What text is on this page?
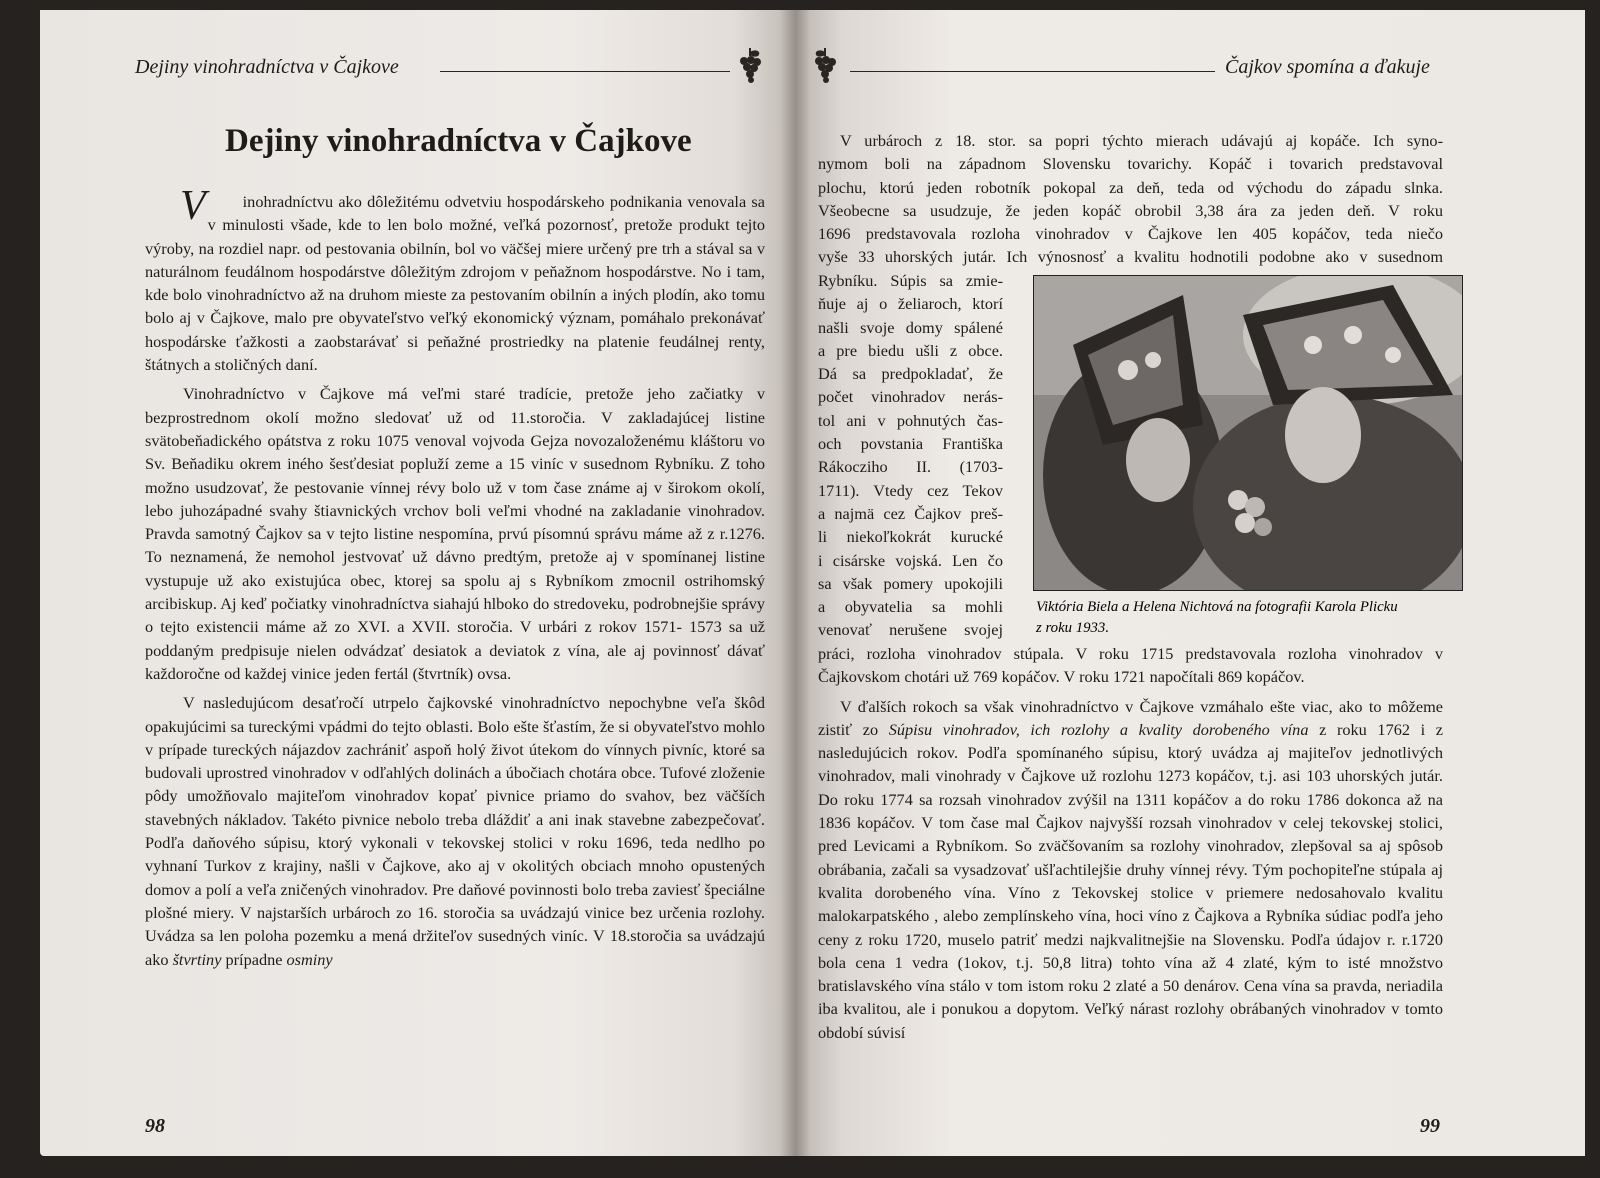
Dejiny vinohradníctva v Čajkove
Dejiny vinohradníctva v Čajkove

V inohradníctvu ako dôležitému odvetviu hospodárskeho podnikania venovala sa v minulosti všade, kde to len bolo možné, veľká pozornosť, pretože produkt tejto výroby, na rozdiel napr. od pestovania obilnín, bol vo väčšej miere určený pre trh a stával sa v naturálnom feudálnom hospodárstve dôležitým zdrojom v peňažnom hospodárstve. No i tam, kde bolo vinohradníctvo až na druhom mieste za pestovaním obilnín a iných plodín, ako tomu bolo aj v Čajkove, malo pre obyvateľstvo veľký ekonomický význam, pomáhalo prekonávať hospodárske ťažkosti a zaobstarávať si peňažné prostriedky na platenie feudálnej renty, štátnych a stoličných daní.

Vinohradníctvo v Čajkove má veľmi staré tradície, pretože jeho začiatky v bezprostrednom okolí možno sledovať už od 11.storočia. V zakladajúcej listine svätobeňadického opátstva z roku 1075 venoval vojvoda Gejza novozaloženému kláštoru vo Sv. Beňadiku okrem iného šesťdesiat popluží zeme a 15 viníc v susednom Rybníku. Z toho možno usudzovať, že pestovanie vínnej révy bolo už v tom čase známe aj v širokom okolí, lebo juhozápadné svahy štiavnických vrchov boli veľmi vhodné na zakladanie vinohradov. Pravda samotný Čajkov sa v tejto listine nespomína, prvú písomnú správu máme až z r.1276. To neznamená, že nemohol jestvovať už dávno predtým, pretože aj v spomínanej listine vystupuje už ako existujúca obec, ktorej sa spolu aj s Rybníkom zmocnil ostrihomský arcibiskup. Aj keď počiatky vinohradníctva siahajú hlboko do stredoveku, podrobnejšie správy o tejto existencii máme až zo XVI. a XVII. storočia. V urbári z rokov 1571- 1573 sa už poddaným predpisuje nielen odvádzať desiatok a deviatok z vína, ale aj povinnosť dávať každoročne od každej vinice jeden fertál (štvrtník) ovsa.

V nasledujúcom desaťročí utrpelo čajkovské vinohradníctvo nepochybne veľa škôd opakujúcimi sa tureckými vpádmi do tejto oblasti. Bolo ešte šťastím, že si obyvateľstvo mohlo v prípade tureckých nájazdov zachrániť aspoň holý život útekom do vínnych pivníc, ktoré sa budovali uprostred vinohradov v odľahlých dolinách a úbočiach chotára obce. Tufové zloženie pôdy umožňovalo majiteľom vinohradov kopať pivnice priamo do svahov, bez väčších stavebných nákladov. Takéto pivnice nebolo treba dláždiť a ani inak stavebne zabezpečovať. Podľa daňového súpisu, ktorý vykonali v tekovskej stolici v roku 1696, teda nedlho po vyhnaní Turkov z krajiny, našli v Čajkove, ako aj v okolitých obciach mnoho opustených domov a polí a veľa zničených vinohradov. Pre daňové povinnosti bolo treba zaviesť špeciálne plošné miery. V najstarších urbároch zo 16. storočia sa uvádzajú vinice bez určenia rozlohy. Uvádza sa len poloha pozemku a mená držiteľov susedných viníc. V 18.storočia sa uvádzajú ako štvrtiny prípadne osminy

98
Čajkov spomína a ďakuje
V urbároch z 18. stor. sa popri týchto mierach udávajú aj kopáče. Ich syno-
nymom boli na západnom Slovensku tovarichy. Kopáč i tovarich predstavoval
plochu, ktorú jeden robotník pokopal za deň, teda od východu do západu slnka.
Všeobecne sa usudzuje, že jeden kopáč obrobil 3,38 ára za jeden deň. V roku
1696 predstavovala rozloha vinohradov v Čajkove len 405 kopáčov, teda niečo
vyše 33 uhorských jutár. Ich výnosnosť a kvalitu hodnotili podobne ako v susednom
Rybníku. Súpis sa zmie-
ňuje aj o želiaroch, ktorí
našli svoje domy spálené
a pre biedu ušli z obce.
Dá sa predpokladať, že
počet vinohradov nerás-
tol ani v pohnutých čas-
och povstania Františka
Rákocziho II. (1703-
1711). Vtedy cez Tekov
a najmä cez Čajkov preš-
li niekoľkokrát kurucké
i cisárske vojská. Len čo
sa však pomery upokojili
a obyvatelia sa mohli
venovať nerušene svojej

práci, rozloha vinohradov stúpala. V roku 1715 predstavovala rozloha vinohradov v Čajkovskom chotári už 769 kopáčov. V roku 1721 napočítali 869 kopáčov.

V ďalších rokoch sa však vinohradníctvo v Čajkove vzmáhalo ešte viac, ako to môžeme zistiť zo Súpisu vinohradov, ich rozlohy a kvality dorobeného vína z roku 1762 i z nasledujúcich rokov. Podľa spomínaného súpisu, ktorý uvádza aj majiteľov jednotlivých vinohradov, mali vinohrady v Čajkove už rozlohu 1273 kopáčov, t.j. asi 103 uhorských jutár. Do roku 1774 sa rozsah vinohradov zvýšil na 1311 kopáčov a do roku 1786 dokonca až na 1836 kopáčov. V tom čase mal Čajkov najvyšší rozsah vinohradov v celej tekovskej stolici, pred Levicami a Rybníkom. So zväčšovaním sa rozlohy vinohradov, zlepšoval sa aj spôsob obrábania, začali sa vysadzovať ušľachtilejšie druhy vínnej révy. Tým pochopiteľne stúpala aj kvalita dorobeného vína. Víno z Tekovskej stolice v priemere nedosahovalo kvalitu malokarpatského , alebo zemplínskeho vína, hoci víno z Čajkova a Rybníka súdiac podľa jeho ceny z roku 1720, muselo patriť medzi najkvalitnejšie na Slovensku. Podľa údajov r. r.1720 bola cena 1 vedra (1okov, t.j. 50,8 litra) tohto vína až 4 zlaté, kým to isté množstvo bratislavského vína stálo v tom istom roku 2 zlaté a 50 denárov. Cena vína sa pravda, neriadila iba kvalitou, ale i ponukou a dopytom. Veľký nárast rozlohy obrábaných vinohradov v tomto období súvisí

99
Viktória Biela a Helena Nichtová na fotografii Karola Plicku
z roku 1933.
